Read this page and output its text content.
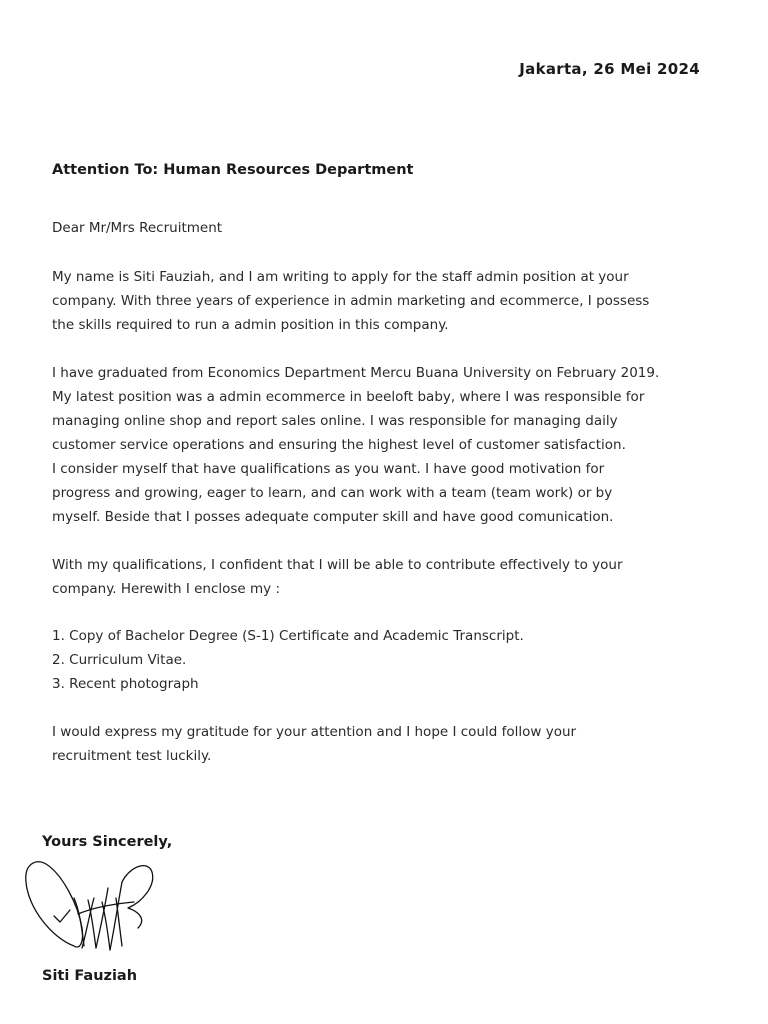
Jakarta, 26 Mei 2024
Attention To: Human Resources Department

Dear Mr/Mrs Recruitment

My name is Siti Fauziah, and I am writing to apply for the staff admin position at your
company. With three years of experience in admin marketing and ecommerce, I possess
the skills required to run a admin position in this company.

I have graduated from Economics Department Mercu Buana University on February 2019.
My latest position was a admin ecommerce in beeloft baby, where I was responsible for
managing online shop and report sales online. I was responsible for managing daily
customer service operations and ensuring the highest level of customer satisfaction.
I consider myself that have qualifications as you want. I have good motivation for
progress and growing, eager to learn, and can work with a team (team work) or by
myself. Beside that I posses adequate computer skill and have good comunication.

With my qualifications, I confident that I will be able to contribute effectively to your
company. Herewith I enclose my :

1. Copy of Bachelor Degree (S-1) Certificate and Academic Transcript.
2. Curriculum Vitae.
3. Recent photograph

I would express my gratitude for your attention and I hope I could follow your
recruitment test luckily.

Yours Sincerely,
Siti Fauziah
